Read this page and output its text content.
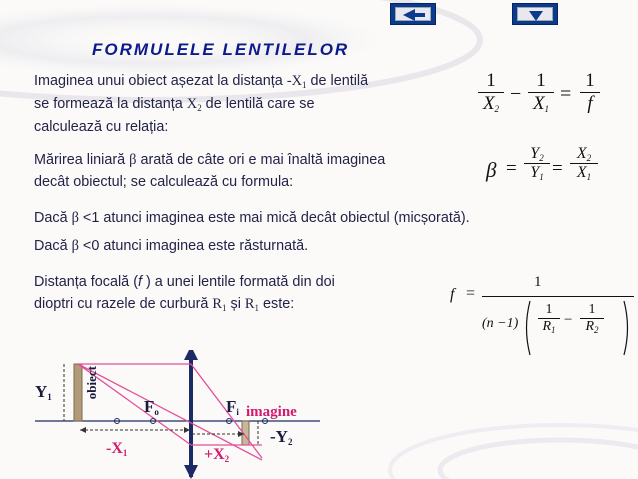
FORMULELE LENTILELOR
Imaginea unui obiect așezat la distanța $-X_1$ de lentilă
se formează la distanța $X_2$ de lentilă care se
calculează cu relația:
Mărirea liniară β arată de câte ori e mai înaltă imaginea
decât obiectul; se calculează cu formula:
Dacă β <1 atunci imaginea este mai mică decât obiectul (micșorată).
Dacă β <0 atunci imaginea este răsturnată.
Distanța focală (f ) a unei lentile formată din doi
dioptri cu razele de curbură $R_1$ și $R_1$ este:
1
$X_2$
−
1
$X_1$
=
1
f
β =
$Y_2$
$Y_1$ =
$X_2$
$X_1$
f =
1
(n −1)
1
$R_1$
−
1
$R_2$
$Y_1$ obiect
$F_o$	$F_i$ imagine
$-Y_2$
$-X_1$	$+X_2$
